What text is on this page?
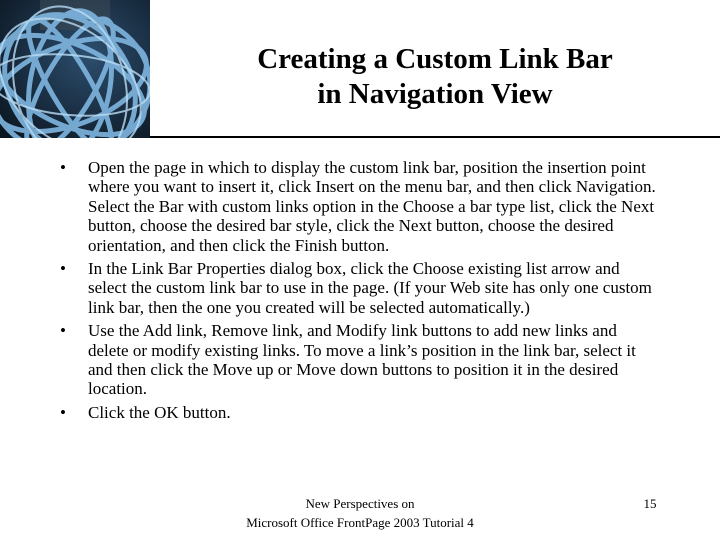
Creating a Custom Link Bar
in Navigation View
• Open the page in which to display the custom link bar, position the insertion point where you want to insert it, click Insert on the menu bar, and then click Navigation. Select the Bar with custom links option in the Choose a bar type list, click the Next button, choose the desired bar style, click the Next button, choose the desired orientation, and then click the Finish button.
• In the Link Bar Properties dialog box, click the Choose existing list arrow and select the custom link bar to use in the page. (If your Web site has only one custom link bar, then the one you created will be selected automatically.)
• Use the Add link, Remove link, and Modify link buttons to add new links and delete or modify existing links. To move a link’s position in the link bar, select it and then click the Move up or Move down buttons to position it in the desired location.
• Click the OK button.
New Perspectives on
Microsoft Office FrontPage 2003 Tutorial 4
15
